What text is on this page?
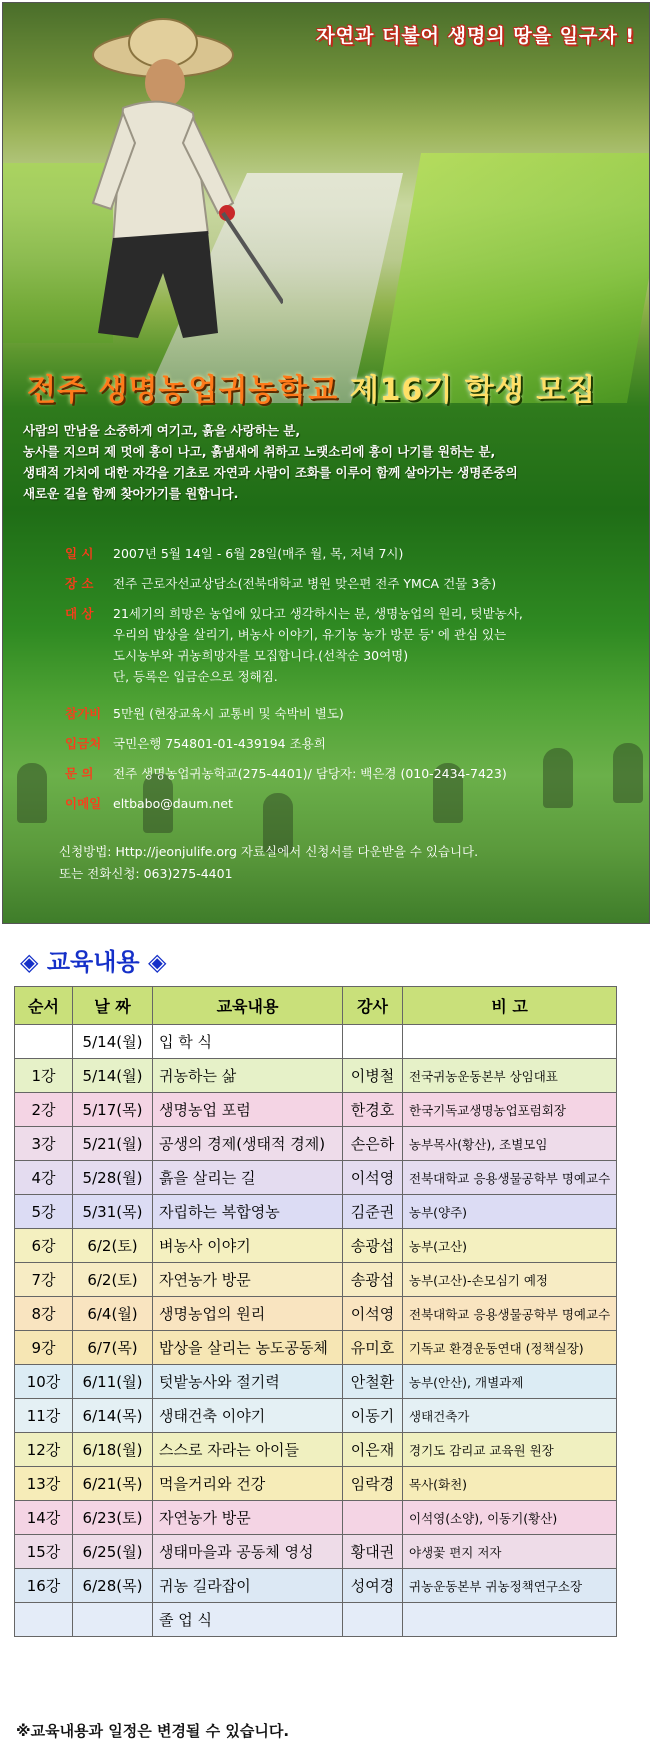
자연과 더불어 생명의 땅을 일구자 !
전주 생명농업귀농학교 제16기 학생 모집
사람의 만남을 소중하게 여기고, 흙을 사랑하는 분,
농사를 지으며 제 멋에 흥이 나고, 흙냄새에 취하고 노랫소리에 흥이 나기를 원하는 분,
생태적 가치에 대한 자각을 기초로 자연과 사람이 조화를 이루어 함께 살아가는 생명존중의
새로운 길을 함께 찾아가기를 원합니다.
일 시 2007년 5월 14일 - 6월 28일(매주 월, 목, 저녁 7시)
장 소 전주 근로자선교상담소(전북대학교 병원 맞은편 전주 YMCA 건물 3층)
대 상 21세기의 희망은 농업에 있다고 생각하시는 분, 생명농업의 원리, 텃밭농사,
우리의 밥상을 살리기, 벼농사 이야기, 유기농 농가 방문 등' 에 관심 있는
도시농부와 귀농희망자를 모집합니다.(선착순 30여명)
단, 등록은 입금순으로 정해짐.
참가비 5만원 (현장교육시 교통비 및 숙박비 별도)
입금처 국민은행 754801-01-439194 조용희
문 의 전주 생명농업귀농학교(275-4401)/ 담당자: 백은경 (010-2434-7423)
이메일 eltbabo@daum.net
신청방법: Http://jeonjulife.org 자료실에서 신청서를 다운받을 수 있습니다.
또는 전화신청: 063)275-4401
◈ 교육내용 ◈
순서	날 짜	교육내용	강사	비 고
	5/14(월)	입 학 식		
1강	5/14(월)	귀농하는 삶	이병철	전국귀농운동본부 상임대표
2강	5/17(목)	생명농업 포럼	한경호	한국기독교생명농업포럼회장
3강	5/21(월)	공생의 경제(생태적 경제)	손은하	농부목사(황산), 조별모임
4강	5/28(월)	흙을 살리는 길	이석영	전북대학교 응용생물공학부 명예교수
5강	5/31(목)	자립하는 복합영농	김준권	농부(양주)
6강	6/2(토)	벼농사 이야기	송광섭	농부(고산)
7강	6/2(토)	자연농가 방문	송광섭	농부(고산)-손모심기 예정
8강	6/4(월)	생명농업의 원리	이석영	전북대학교 응용생물공학부 명예교수
9강	6/7(목)	밥상을 살리는 농도공동체	유미호	기독교 환경운동연대 (정책실장)
10강	6/11(월)	텃밭농사와 절기력	안철환	농부(안산), 개별과제
11강	6/14(목)	생태건축 이야기	이동기	생태건축가
12강	6/18(월)	스스로 자라는 아이들	이은재	경기도 감리교 교육원 원장
13강	6/21(목)	먹을거리와 건강	임락경	목사(화천)
14강	6/23(토)	자연농가 방문		이석영(소양), 이동기(황산)
15강	6/25(월)	생태마을과 공동체 영성	황대권	야생꽃 편지 저자
16강	6/28(목)	귀농 길라잡이	성여경	귀농운동본부 귀농정책연구소장
		졸 업 식		
※교육내용과 일정은 변경될 수 있습니다.
